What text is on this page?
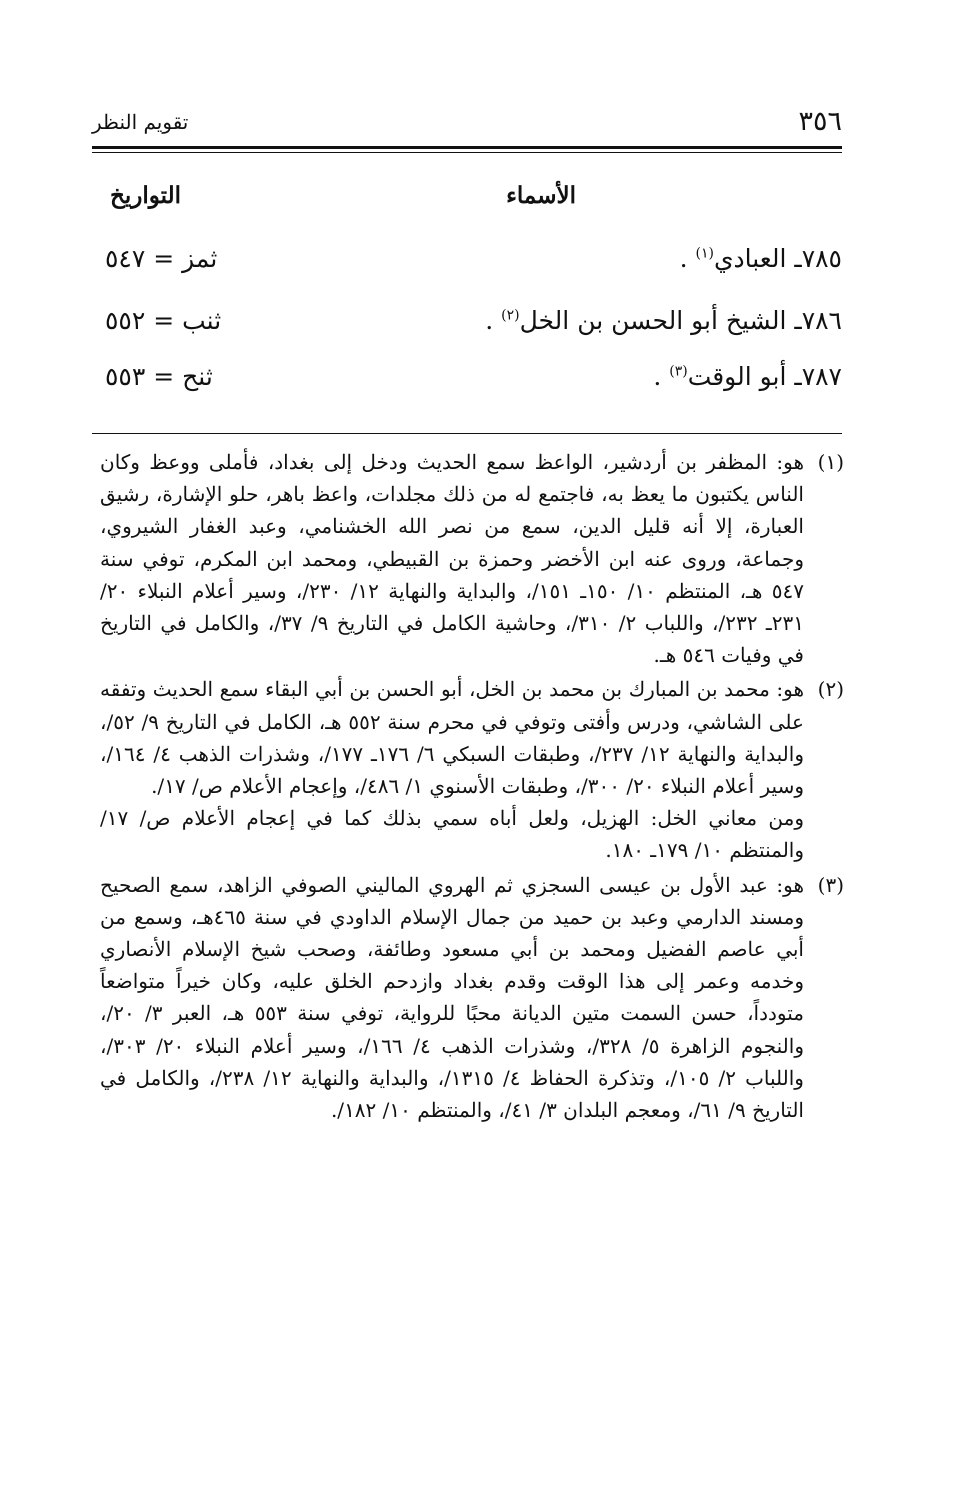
٣٥٦
تقويم النظر
الأسماء
التواريخ
٧٨٥ـ العبادي$^{(١)}$ .
ثمز = ٥٤٧
٧٨٦ـ الشيخ أبو الحسن بن الخل$^{(٢)}$ .
ثنب = ٥٥٢
٧٨٧ـ أبو الوقت$^{(٣)}$ .
ثنح = ٥٥٣
(١)
هو: المظفر بن أردشير، الواعظ سمع الحديث ودخل إلى بغداد، فأملى ووعظ وكان الناس يكتبون ما يعظ به، فاجتمع له من ذلك مجلدات، واعظ باهر، حلو الإشارة، رشيق العبارة، إلا أنه قليل الدين، سمع من نصر الله الخشنامي، وعبد الغفار الشيروي، وجماعة، وروى عنه ابن الأخضر وحمزة بن القبيطي، ومحمد ابن المكرم، توفي سنة ٥٤٧ هـ، المنتظم ١٠/ ١٥٠ـ ١٥١/، والبداية والنهاية ١٢/ ٢٣٠/، وسير أعلام النبلاء ٢٠/ ٢٣١ـ ٢٣٢/، واللباب ٢/ ٣١٠/، وحاشية الكامل في التاريخ ٩/ ٣٧/، والكامل في التاريخ في وفيات ٥٤٦ هـ.
(٢)
هو: محمد بن المبارك بن محمد بن الخل، أبو الحسن بن أبي البقاء سمع الحديث وتفقه على الشاشي، ودرس وأفتى وتوفي في محرم سنة ٥٥٢ هـ، الكامل في التاريخ ٩/ ٥٢/، والبداية والنهاية ١٢/ ٢٣٧/، وطبقات السبكي ٦/ ١٧٦ـ ١٧٧/، وشذرات الذهب ٤/ ١٦٤/، وسير أعلام النبلاء ٢٠/ ٣٠٠/، وطبقات الأسنوي ١/ ٤٨٦/، وإعجام الأعلام ص/ ١٧/.
ومن معاني الخل: الهزيل، ولعل أباه سمي بذلك كما في إعجام الأعلام ص/ ١٧/ والمنتظم ١٠/ ١٧٩ـ ١٨٠.
(٣)
هو: عبد الأول بن عيسى السجزي ثم الهروي الماليني الصوفي الزاهد، سمع الصحيح ومسند الدارمي وعبد بن حميد من جمال الإسلام الداودي في سنة ٤٦٥هـ، وسمع من أبي عاصم الفضيل ومحمد بن أبي مسعود وطائفة، وصحب شيخ الإسلام الأنصاري وخدمه وعمر إلى هذا الوقت وقدم بغداد وازدحم الخلق عليه، وكان خيراً متواضعاً متودداً، حسن السمت متين الديانة محبًا للرواية، توفي سنة ٥٥٣ هـ، العبر ٣/ ٢٠/، والنجوم الزاهرة ٥/ ٣٢٨/، وشذرات الذهب ٤/ ١٦٦/، وسير أعلام النبلاء ٢٠/ ٣٠٣/، واللباب ٢/ ١٠٥/، وتذكرة الحفاظ ٤/ ١٣١٥/، والبداية والنهاية ١٢/ ٢٣٨/، والكامل في التاريخ ٩/ ٦١/، ومعجم البلدان ٣/ ٤١/، والمنتظم ١٠/ ١٨٢/.
